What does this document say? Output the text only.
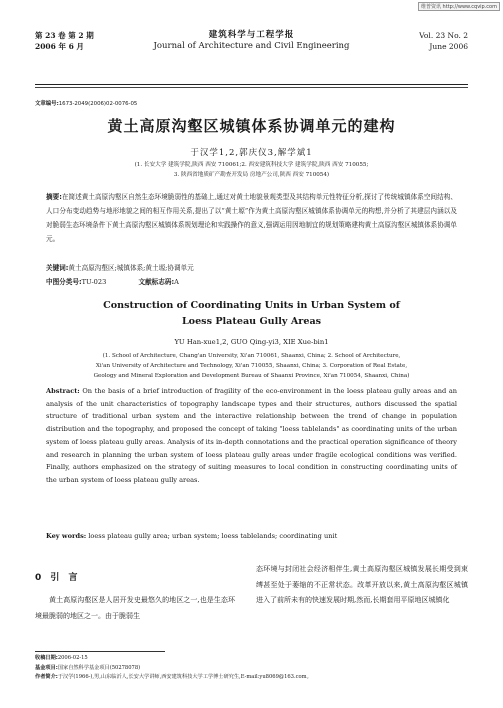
维普资讯 http://www.cqvip.com
第 23 卷 第 2 期
2006 年 6 月
建筑科学与工程学报
Journal of Architecture and Civil Engineering
Vol. 23 No. 2
June 2006
文章编号:1673-2049(2006)02-0076-05
黄土高原沟壑区城镇体系协调单元的建构
于汉学1,2,郭庆仪3,解学斌1
(1. 长安大学 建筑学院,陕西 西安 710061;2. 西安建筑科技大学 建筑学院,陕西 西安 710055;
3. 陕西省地质矿产勘查开发局 房地产公司,陕西 西安 710054)
摘要:在简述黄土高原沟壑区自然生态环境脆弱性的基础上,通过对黄土地貌景观类型及其结构单元性特征分析,探讨了传统城镇体系空间结构、人口分布变动趋势与地形地貌之间的相互作用关系,提出了以“黄土塬”作为黄土高原沟壑区城镇体系协调单元的构想,并分析了其建层内涵以及对脆弱生态环境条件下黄土高原沟壑区城镇体系规划理论和实践操作的意义,强调运用因地制宜的规划策略建构黄土高原沟壑区城镇体系协调单元。
关键词:黄土高原沟壑区;城镇体系;黄土塬;协调单元
中图分类号:TU-023	文献标志码:A
Construction of Coordinating Units in Urban System of
Loess Plateau Gully Areas
YU Han-xue1,2, GUO Qing-yi3, XIE Xue-bin1
(1. School of Architecture, Chang'an University, Xi'an 710061, Shaanxi, China; 2. School of Architecture,
Xi'an University of Architecture and Technology, Xi'an 710055, Shaanxi, China; 3. Corporation of Real Estate,
Geology and Mineral Exploration and Development Bureau of Shaanxi Province, Xi'an 710054, Shaanxi, China)
Abstract: On the basis of a brief introduction of fragility of the eco-environment in the loess plateau gully areas and an analysis of the unit characteristics of topography landscape types and their structures, authors discussed the spatial structure of traditional urban system and the interactive relationship between the trend of change in population distribution and the topography, and proposed the concept of taking "loess tablelands" as coordinating units of the urban system of loess plateau gully areas. Analysis of its in-depth connotations and the practical operation significance of theory and research in planning the urban system of loess plateau gully areas under fragile ecological conditions was verified. Finally, authors emphasized on the strategy of suiting measures to local condition in constructing coordinating units of the urban system of loess plateau gully areas.
Key words: loess plateau gully area; urban system; loess tablelands; coordinating unit
0 引 言

黄土高原沟壑区是人居开发史最悠久的地区之一,也是生态环境最脆弱的地区之一。由于脆弱生

态环境与封闭社会经济相伴生,黄土高原沟壑区城镇发展长期受到束缚甚至处于萎缩的不正常状态。改革开放以来,黄土高原沟壑区城镇进入了前所未有的快速发展时期,然而,长期套用平原地区城镇化
收稿日期:2006-02-15
基金项目:国家自然科学基金项目(50278078)
作者简介:于汉学(1966-),男,山东临沂人,长安大学讲师,西安建筑科技大学工学博士研究生,E-mail:yu8069@163.com。
